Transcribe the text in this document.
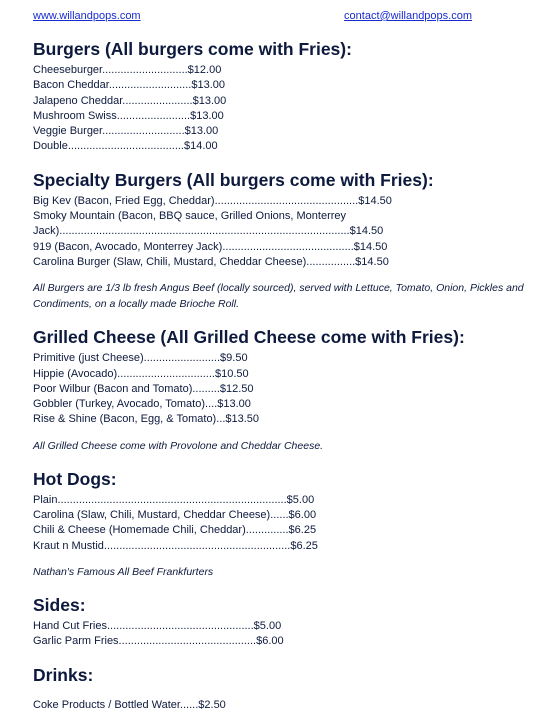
www.willandpops.com	contact@willandpops.com
Burgers (All burgers come with Fries):
Cheeseburger............................$12.00
Bacon Cheddar...........................$13.00
Jalapeno Cheddar.......................$13.00
Mushroom Swiss........................$13.00
Veggie Burger...........................$13.00
Double......................................$14.00
Specialty Burgers (All burgers come with Fries):
Big Kev (Bacon, Fried Egg, Cheddar)...............................................$14.50
Smoky Mountain (Bacon, BBQ sauce, Grilled Onions, Monterrey
Jack)...............................................................................................$14.50
919 (Bacon, Avocado, Monterrey Jack)...........................................$14.50
Carolina Burger (Slaw, Chili, Mustard, Cheddar Cheese)................$14.50

All Burgers are 1/3 lb fresh Angus Beef (locally sourced), served with Lettuce, Tomato, Onion, Pickles and Condiments, on a locally made Brioche Roll.

Grilled Cheese (All Grilled Cheese come with Fries):
Primitive (just Cheese).........................$9.50
Hippie (Avocado)................................$10.50
Poor Wilbur (Bacon and Tomato).........$12.50
Gobbler (Turkey, Avocado, Tomato)....$13.00
Rise & Shine (Bacon, Egg, & Tomato)...$13.50

All Grilled Cheese come with Provolone and Cheddar Cheese.

Hot Dogs:
Plain...........................................................................$5.00
Carolina (Slaw, Chili, Mustard, Cheddar Cheese)......$6.00
Chili & Cheese (Homemade Chili, Cheddar)..............$6.25
Kraut n Mustid.............................................................$6.25

Nathan's Famous All Beef Frankfurters

Sides:
Hand Cut Fries................................................$5.00
Garlic Parm Fries.............................................$6.00
Drinks:
Coke Products / Bottled Water......$2.50
